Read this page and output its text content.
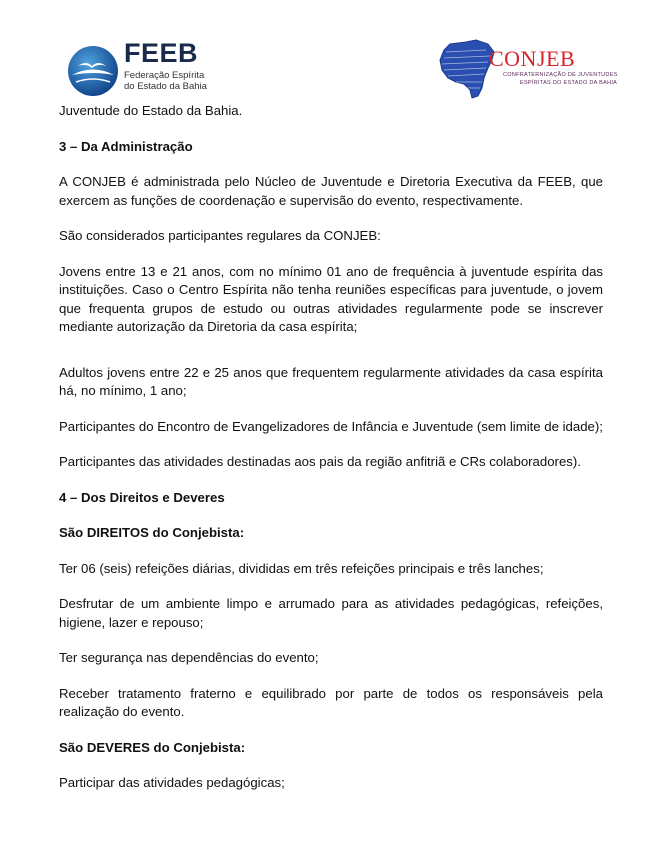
FEEB
Federação Espírita
do Estado da Bahia
CONJEB
CONFRATERNIZAÇÃO DE JUVENTUDES
ESPÍRITAS DO ESTADO DA BAHIA

Juventude do Estado da Bahia.

3 – Da Administração

A CONJEB é administrada pelo Núcleo de Juventude e Diretoria Executiva da FEEB, que exercem as funções de coordenação e supervisão do evento, respectivamente.

São considerados participantes regulares da CONJEB:

Jovens entre 13 e 21 anos, com no mínimo 01 ano de frequência à juventude espírita das instituições. Caso o Centro Espírita não tenha reuniões específicas para juventude, o jovem que frequenta grupos de estudo ou outras atividades regularmente pode se inscrever mediante autorização da Diretoria da casa espírita;

Adultos jovens entre 22 e 25 anos que frequentem regularmente atividades da casa espírita há, no mínimo, 1 ano;

Participantes do Encontro de Evangelizadores de Infância e Juventude (sem limite de idade);

Participantes das atividades destinadas aos pais da região anfitriã e CRs colaboradores).

4 – Dos Direitos e Deveres

São DIREITOS do Conjebista:

Ter 06 (seis) refeições diárias, divididas em três refeições principais e três lanches;

Desfrutar de um ambiente limpo e arrumado para as atividades pedagógicas, refeições, higiene, lazer e repouso;

Ter segurança nas dependências do evento;

Receber tratamento fraterno e equilibrado por parte de todos os responsáveis pela realização do evento.

São DEVERES do Conjebista:

Participar das atividades pedagógicas;
